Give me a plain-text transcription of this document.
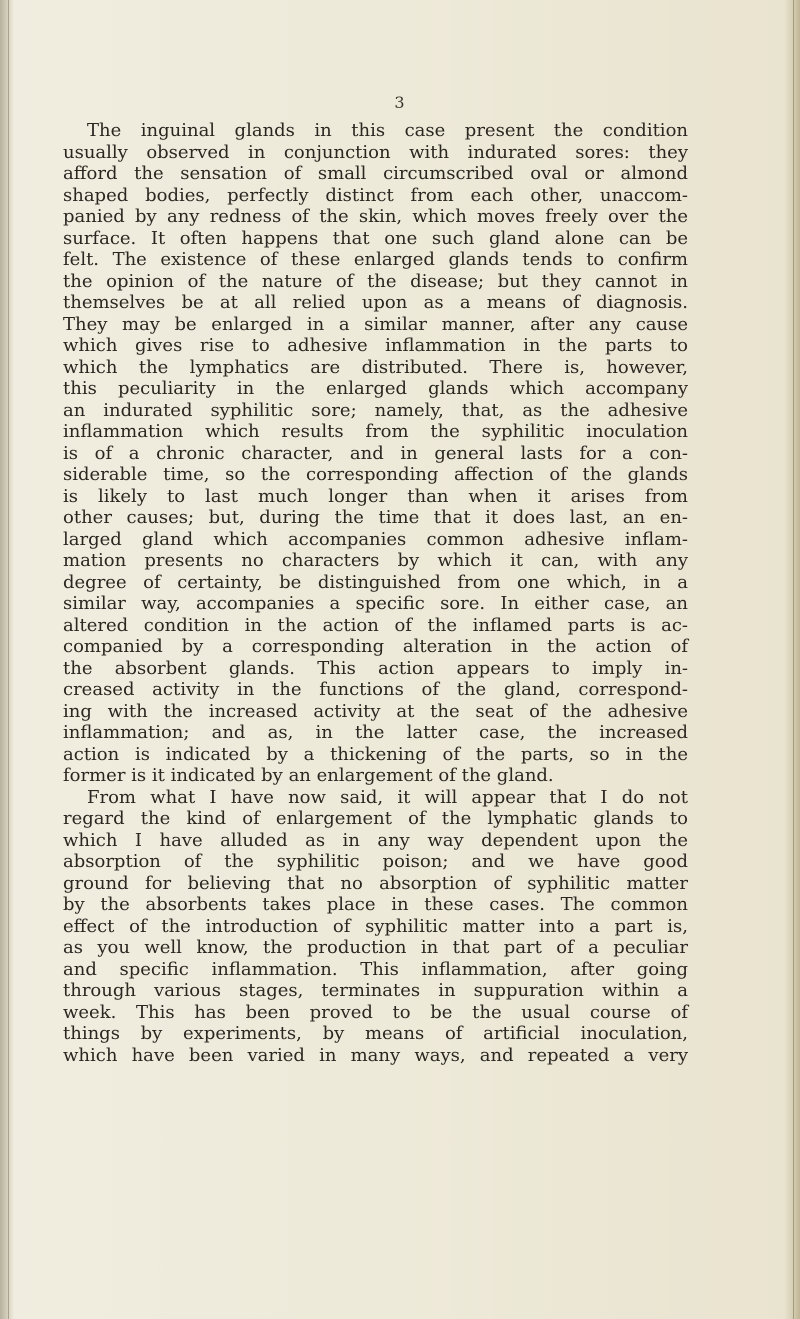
3
The inguinal glands in this case present the condition
usually observed in conjunction with indurated sores: they
afford the sensation of small circumscribed oval or almond
shaped bodies, perfectly distinct from each other, unaccom-
panied by any redness of the skin, which moves freely over the
surface. It often happens that one such gland alone can be
felt. The existence of these enlarged glands tends to confirm
the opinion of the nature of the disease; but they cannot in
themselves be at all relied upon as a means of diagnosis.
They may be enlarged in a similar manner, after any cause
which gives rise to adhesive inflammation in the parts to
which the lymphatics are distributed. There is, however,
this peculiarity in the enlarged glands which accompany
an indurated syphilitic sore; namely, that, as the adhesive
inflammation which results from the syphilitic inoculation
is of a chronic character, and in general lasts for a con-
siderable time, so the corresponding affection of the glands
is likely to last much longer than when it arises from
other causes; but, during the time that it does last, an en-
larged gland which accompanies common adhesive inflam-
mation presents no characters by which it can, with any
degree of certainty, be distinguished from one which, in a
similar way, accompanies a specific sore. In either case, an
altered condition in the action of the inflamed parts is ac-
companied by a corresponding alteration in the action of
the absorbent glands. This action appears to imply in-
creased activity in the functions of the gland, correspond-
ing with the increased activity at the seat of the adhesive
inflammation; and as, in the latter case, the increased
action is indicated by a thickening of the parts, so in the
former is it indicated by an enlargement of the gland.
From what I have now said, it will appear that I do not
regard the kind of enlargement of the lymphatic glands to
which I have alluded as in any way dependent upon the
absorption of the syphilitic poison; and we have good
ground for believing that no absorption of syphilitic matter
by the absorbents takes place in these cases. The common
effect of the introduction of syphilitic matter into a part is,
as you well know, the production in that part of a peculiar
and specific inflammation. This inflammation, after going
through various stages, terminates in suppuration within a
week. This has been proved to be the usual course of
things by experiments, by means of artificial inoculation,
which have been varied in many ways, and repeated a very
